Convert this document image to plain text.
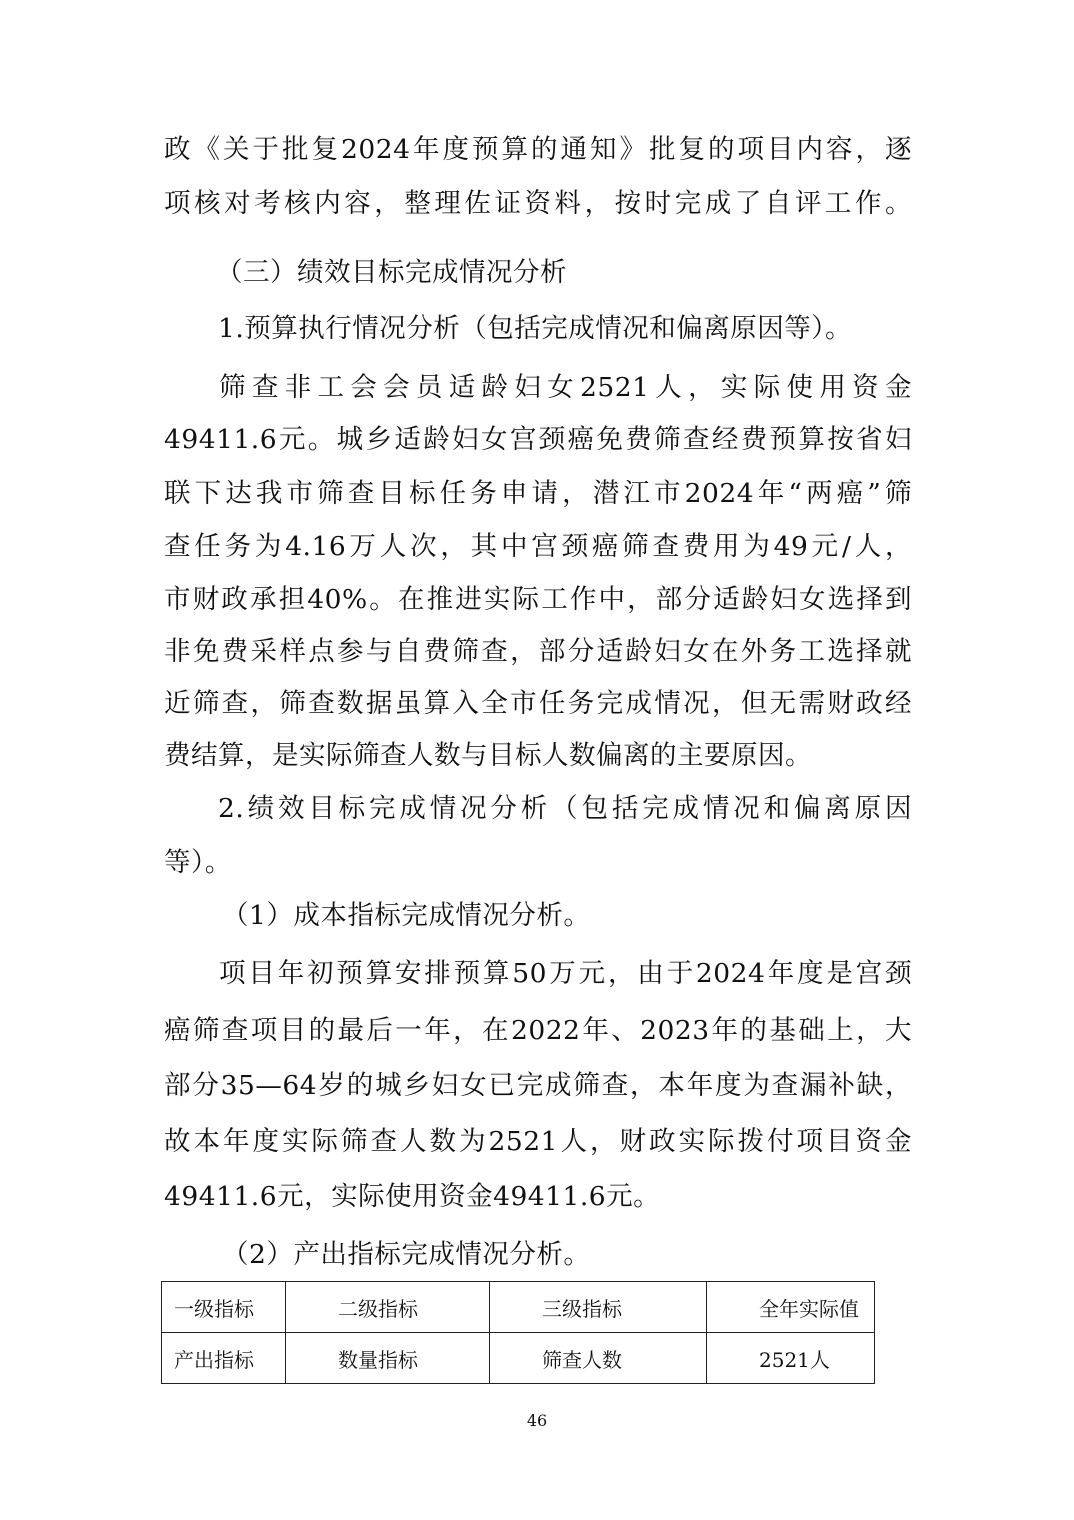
政《关于批复2024年度预算的通知》批复的项目内容，逐
项核对考核内容，整理佐证资料，按时完成了自评工作。
（三）绩效目标完成情况分析
1.预算执行情况分析（包括完成情况和偏离原因等）。
筛查非工会会员适龄妇女2521人，实际使用资金
49411.6元。城乡适龄妇女宫颈癌免费筛查经费预算按省妇
联下达我市筛查目标任务申请，潜江市2024年“两癌”筛
查任务为4.16万人次，其中宫颈癌筛查费用为49元/人，
市财政承担40%。在推进实际工作中，部分适龄妇女选择到
非免费采样点参与自费筛查，部分适龄妇女在外务工选择就
近筛查，筛查数据虽算入全市任务完成情况，但无需财政经
费结算，是实际筛查人数与目标人数偏离的主要原因。
2.绩效目标完成情况分析（包括完成情况和偏离原因
等）。
（1）成本指标完成情况分析。
项目年初预算安排预算50万元，由于2024年度是宫颈
癌筛查项目的最后一年，在2022年、2023年的基础上，大
部分35—64岁的城乡妇女已完成筛查，本年度为查漏补缺，
故本年度实际筛查人数为2521人，财政实际拨付项目资金
49411.6元，实际使用资金49411.6元。
（2）产出指标完成情况分析。
一级指标	二级指标	三级指标	全年实际值
产出指标	数量指标	筛查人数	2521人
46
